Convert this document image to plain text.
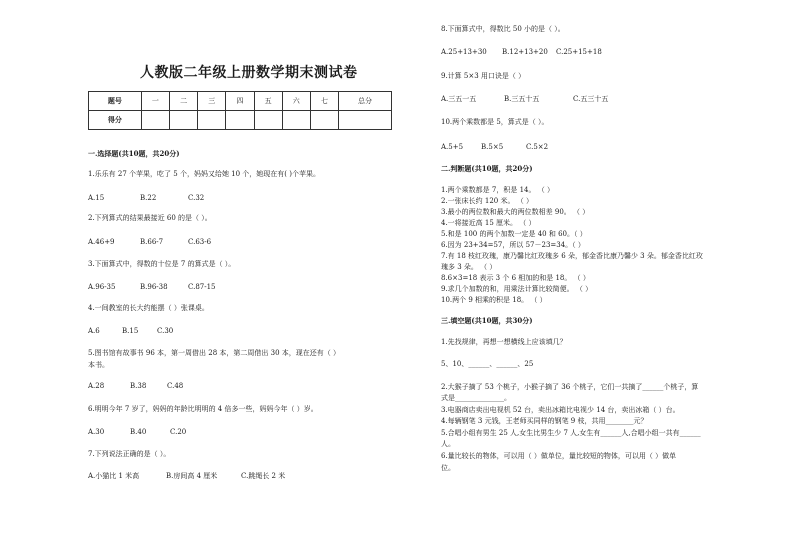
人教版二年级上册数学期末测试卷
题号	一	二	三	四	五	六	七	总分
得分								
一.选择题(共10题，共20分)
1.乐乐有 27 个苹果，吃了 5 个，妈妈又给她 10 个，她现在有( )个苹果。
A.15	B.22	C.32
2.下列算式的结果最接近 60 的是（ ）。
A.46+9	B.66-7	C.63-6
3.下面算式中，得数的十位是 7 的算式是（ ）。
A.96-35	B.96-38	C.87-15
4.一间教室的长大约能摆（ ）张课桌。
A.6	B.15	C.30
5.图书馆有故事书 96 本，第一周借出 28 本，第二周借出 30 本，现在还有（ ）
本书。
A.28	B.38	C.48
6.明明今年 7 岁了，妈妈的年龄比明明的 4 倍多一些，妈妈今年（ ）岁。
A.30	B.40	C.20
7.下列说法正确的是（ ）。
A.小猫比 1 米高	B.房间高 4 厘米	C.跳绳长 2 米
8.下面算式中，得数比 50 小的是（ ）。
A.25+13+30 B.12+13+20 C.25+15+18
9.计算 5×3 用口诀是（ ）
A.三五一五	B.三五十五	C.五三十五
10.两个乘数都是 5，算式是（ ）。
A.5+5	B.5×5	C.5×2
二.判断题(共10题，共20分)
1.两个乘数都是 7，积是 14。 （ ）
2.一张床长约 120 米。 （ ）
3.最小的两位数和最大的两位数相差 90。 （ ）
4.一将接近高 15 厘米。 （ ）
5.和是 100 的两个加数一定是 40 和 60。（ ）
6.因为 23+34=57，所以 57－23=34。（ ）
7.有 18 枝红玫瑰，康乃馨比红玫瑰多 6 朵，郁金香比康乃馨少 3 朵。郁金香比红玫
瑰多 3 朵。 （ ）
8.6×3=18 表示 3 个 6 相加的和是 18。 （ ）
9.求几个加数的和，用乘法计算比较简便。 （ ）
10.两个 9 相乘的积是 18。 （ ）
三.填空题(共10题，共30分)
1.先找规律，再想一想横线上应该填几？
5、10、______、______、25
2.大猴子摘了 53 个桃子，小猴子摘了 36 个桃子，它们一共摘了______个桃子，算
式是______________。
3.电器商店卖出电视机 52 台，卖出冰箱比电视少 14 台，卖出冰箱（ ）台。
4.每辆钢笔 3 元钱，王老师买同样的钢笔 9 枝，共用________元？
5.合唱小组有男生 25 人,女生比男生少 7 人,女生有______人,合唱小组一共有______
人。
6.量比较长的物体，可以用（ ）做单位，量比较短的物体，可以用（ ）做单
位。
